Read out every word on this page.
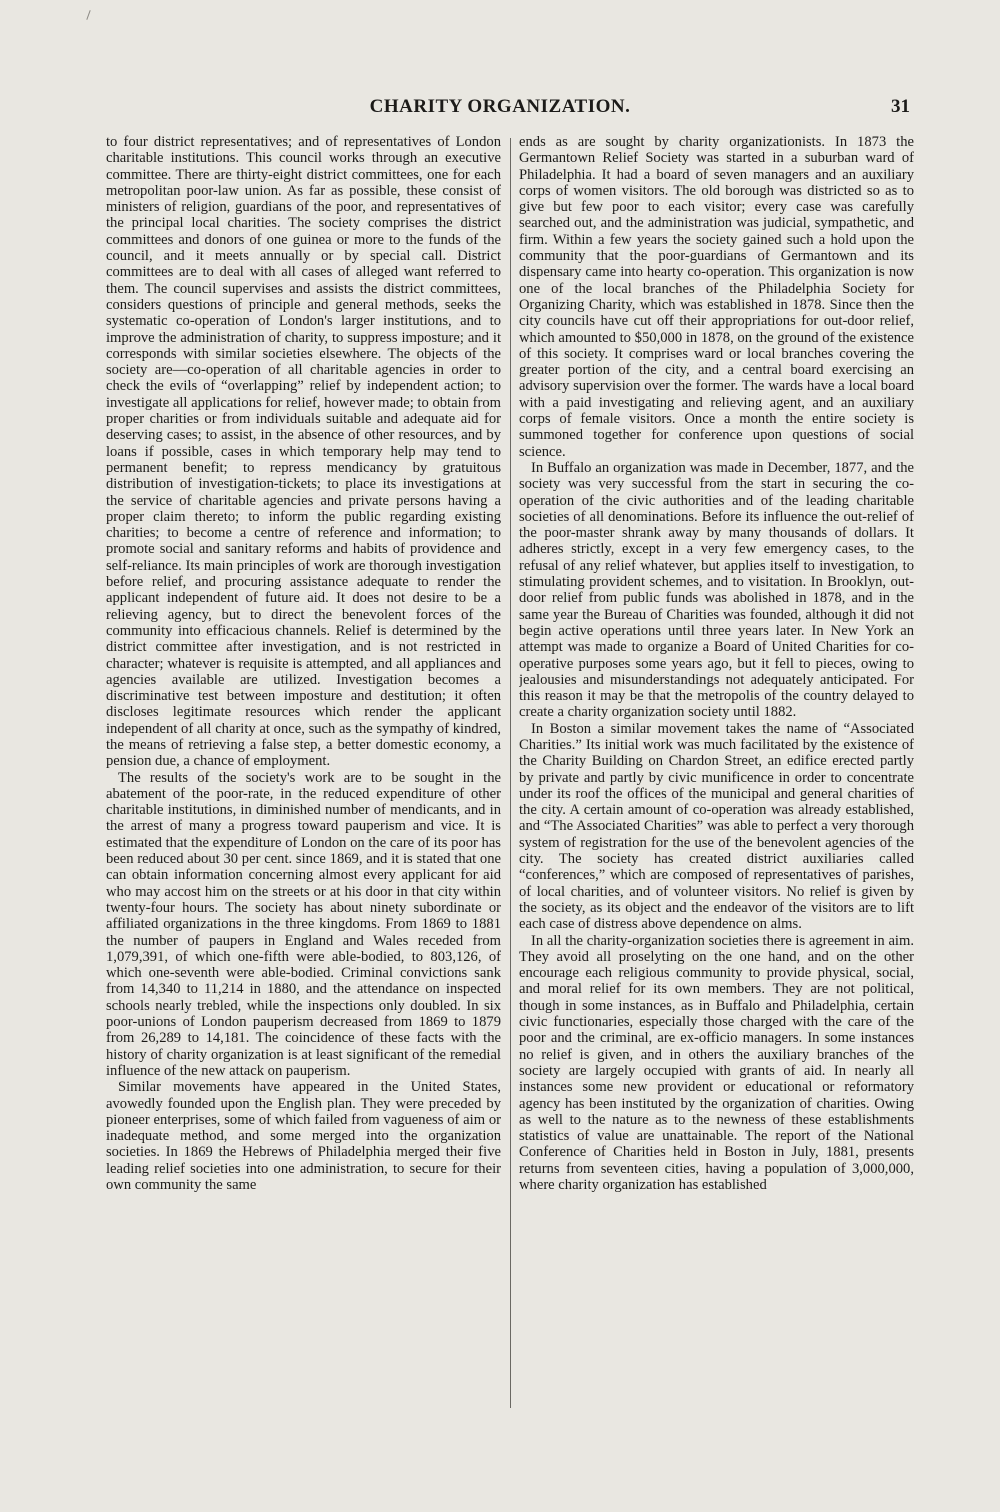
CHARITY ORGANIZATION.	31

to four district representatives; and of representatives of London charitable institutions. This council works through an executive committee. There are thirty-eight district committees, one for each metropolitan poor-law union. As far as possible, these consist of ministers of religion, guardians of the poor, and representatives of the principal local charities. The society comprises the district committees and donors of one guinea or more to the funds of the council, and it meets annually or by special call. District committees are to deal with all cases of alleged want referred to them. The council supervises and assists the district committees, considers questions of principle and general methods, seeks the systematic co-operation of London's larger institutions, and to improve the administration of charity, to suppress imposture; and it corresponds with similar societies elsewhere. The objects of the society are—co-operation of all charitable agencies in order to check the evils of “overlapping” relief by independent action; to investigate all applications for relief, however made; to obtain from proper charities or from individuals suitable and adequate aid for deserving cases; to assist, in the absence of other resources, and by loans if possible, cases in which temporary help may tend to permanent benefit; to repress mendicancy by gratuitous distribution of investigation-tickets; to place its investigations at the service of charitable agencies and private persons having a proper claim thereto; to inform the public regarding existing charities; to become a centre of reference and information; to promote social and sanitary reforms and habits of providence and self-reliance. Its main principles of work are thorough investigation before relief, and procuring assistance adequate to render the applicant independent of future aid. It does not desire to be a relieving agency, but to direct the benevolent forces of the community into efficacious channels. Relief is determined by the district committee after investigation, and is not restricted in character; whatever is requisite is attempted, and all appliances and agencies available are utilized. Investigation becomes a discriminative test between imposture and destitution; it often discloses legitimate resources which render the applicant independent of all charity at once, such as the sympathy of kindred, the means of retrieving a false step, a better domestic economy, a pension due, a chance of employment.

The results of the society's work are to be sought in the abatement of the poor-rate, in the reduced expenditure of other charitable institutions, in diminished number of mendicants, and in the arrest of many a progress toward pauperism and vice. It is estimated that the expenditure of London on the care of its poor has been reduced about 30 per cent. since 1869, and it is stated that one can obtain information concerning almost every applicant for aid who may accost him on the streets or at his door in that city within twenty-four hours. The society has about ninety subordinate or affiliated organizations in the three kingdoms. From 1869 to 1881 the number of paupers in England and Wales receded from 1,079,391, of which one-fifth were able-bodied, to 803,126, of which one-seventh were able-bodied. Criminal convictions sank from 14,340 to 11,214 in 1880, and the attendance on inspected schools nearly trebled, while the inspections only doubled. In six poor-unions of London pauperism decreased from 1869 to 1879 from 26,289 to 14,181. The coincidence of these facts with the history of charity organization is at least significant of the remedial influence of the new attack on pauperism.

Similar movements have appeared in the United States, avowedly founded upon the English plan. They were preceded by pioneer enterprises, some of which failed from vagueness of aim or inadequate method, and some merged into the organization societies. In 1869 the Hebrews of Philadelphia merged their five leading relief societies into one administration, to secure for their own community the same

ends as are sought by charity organizationists. In 1873 the Germantown Relief Society was started in a suburban ward of Philadelphia. It had a board of seven managers and an auxiliary corps of women visitors. The old borough was districted so as to give but few poor to each visitor; every case was carefully searched out, and the administration was judicial, sympathetic, and firm. Within a few years the society gained such a hold upon the community that the poor-guardians of Germantown and its dispensary came into hearty co-operation. This organization is now one of the local branches of the Philadelphia Society for Organizing Charity, which was established in 1878. Since then the city councils have cut off their appropriations for out-door relief, which amounted to $50,000 in 1878, on the ground of the existence of this society. It comprises ward or local branches covering the greater portion of the city, and a central board exercising an advisory supervision over the former. The wards have a local board with a paid investigating and relieving agent, and an auxiliary corps of female visitors. Once a month the entire society is summoned together for conference upon questions of social science.

In Buffalo an organization was made in December, 1877, and the society was very successful from the start in securing the co-operation of the civic authorities and of the leading charitable societies of all denominations. Before its influence the out-relief of the poor-master shrank away by many thousands of dollars. It adheres strictly, except in a very few emergency cases, to the refusal of any relief whatever, but applies itself to investigation, to stimulating provident schemes, and to visitation. In Brooklyn, out-door relief from public funds was abolished in 1878, and in the same year the Bureau of Charities was founded, although it did not begin active operations until three years later. In New York an attempt was made to organize a Board of United Charities for co-operative purposes some years ago, but it fell to pieces, owing to jealousies and misunderstandings not adequately anticipated. For this reason it may be that the metropolis of the country delayed to create a charity organization society until 1882.

In Boston a similar movement takes the name of “Associated Charities.” Its initial work was much facilitated by the existence of the Charity Building on Chardon Street, an edifice erected partly by private and partly by civic munificence in order to concentrate under its roof the offices of the municipal and general charities of the city. A certain amount of co-operation was already established, and “The Associated Charities” was able to perfect a very thorough system of registration for the use of the benevolent agencies of the city. The society has created district auxiliaries called “conferences,” which are composed of representatives of parishes, of local charities, and of volunteer visitors. No relief is given by the society, as its object and the endeavor of the visitors are to lift each case of distress above dependence on alms.

In all the charity-organization societies there is agreement in aim. They avoid all proselyting on the one hand, and on the other encourage each religious community to provide physical, social, and moral relief for its own members. They are not political, though in some instances, as in Buffalo and Philadelphia, certain civic functionaries, especially those charged with the care of the poor and the criminal, are ex-officio managers. In some instances no relief is given, and in others the auxiliary branches of the society are largely occupied with grants of aid. In nearly all instances some new provident or educational or reformatory agency has been instituted by the organization of charities. Owing as well to the nature as to the newness of these establishments statistics of value are unattainable. The report of the National Conference of Charities held in Boston in July, 1881, presents returns from seventeen cities, having a population of 3,000,000, where charity organization has established
